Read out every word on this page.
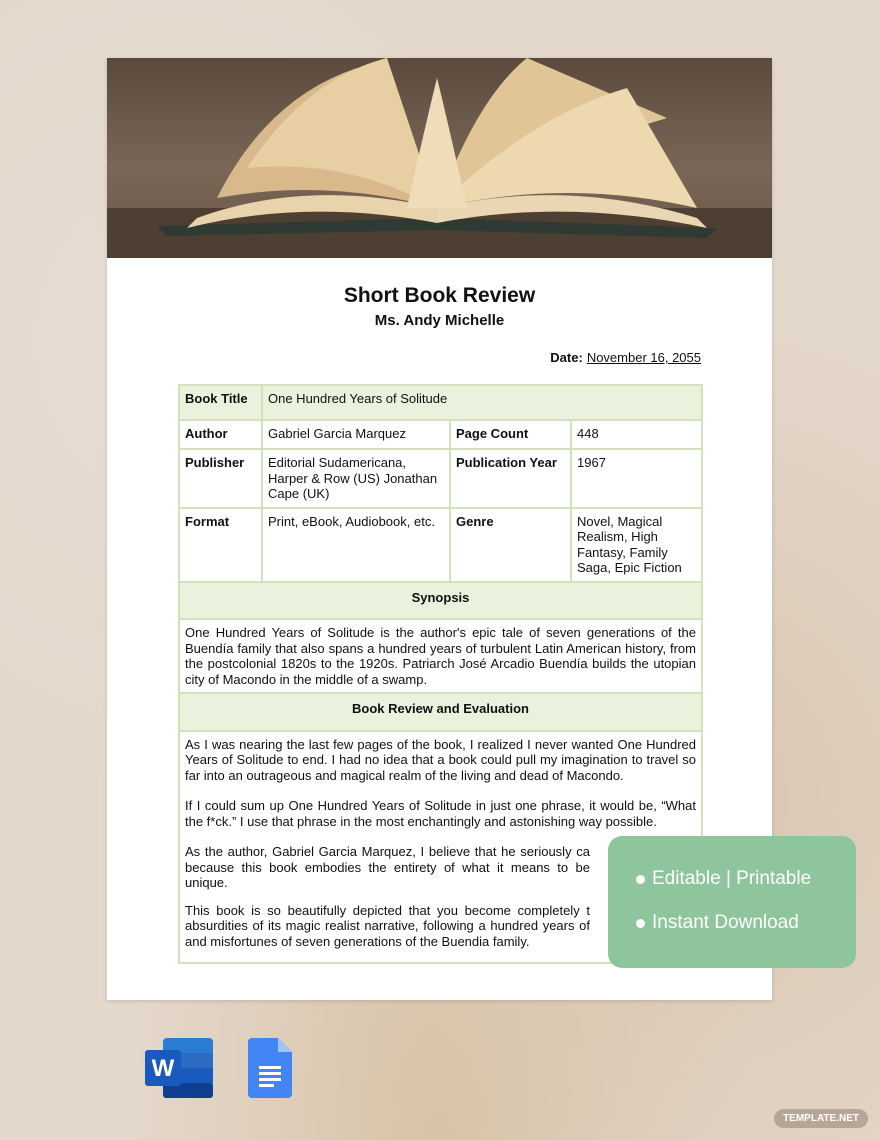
Short Book Review
Ms. Andy Michelle
Date: November 16, 2055
Book Title	One Hundred Years of Solitude		
Author	Gabriel Garcia Marquez	Page Count	448
Publisher	Editorial Sudamericana, Harper & Row (US) Jonathan Cape (UK)	Publication Year	1967
Format	Print, eBook, Audiobook, etc.	Genre	Novel, Magical Realism, High Fantasy, Family Saga, Epic Fiction
Synopsis			

One Hundred Years of Solitude is the author's epic tale of seven generations of the Buendía family that also spans a hundred years of turbulent Latin American history, from the postcolonial 1820s to the 1920s. Patriarch José Arcadio Buendía builds the utopian city of Macondo in the middle of a swamp.			

Book Review and Evaluation			

As I was nearing the last few pages of the book, I realized I never wanted One Hundred Years of Solitude to end. I had no idea that a book could pull my imagination to travel so far into an outrageous and magical realm of the living and dead of Macondo.

If I could sum up One Hundred Years of Solitude in just one phrase, it would be, “What the f*ck.” I use that phrase in the most enchantingly and astonishing way possible.

As the author, Gabriel Garcia Marquez, I believe that he seriously ca because this book embodies the entirety of what it means to be unique.

This book is so beautifully depicted that you become completely t absurdities of its magic realist narrative, following a hundred years of and misfortunes of seven generations of the Buendia family.			

Editable | Printable
Instant Download
W
TEMPLATE.NET
